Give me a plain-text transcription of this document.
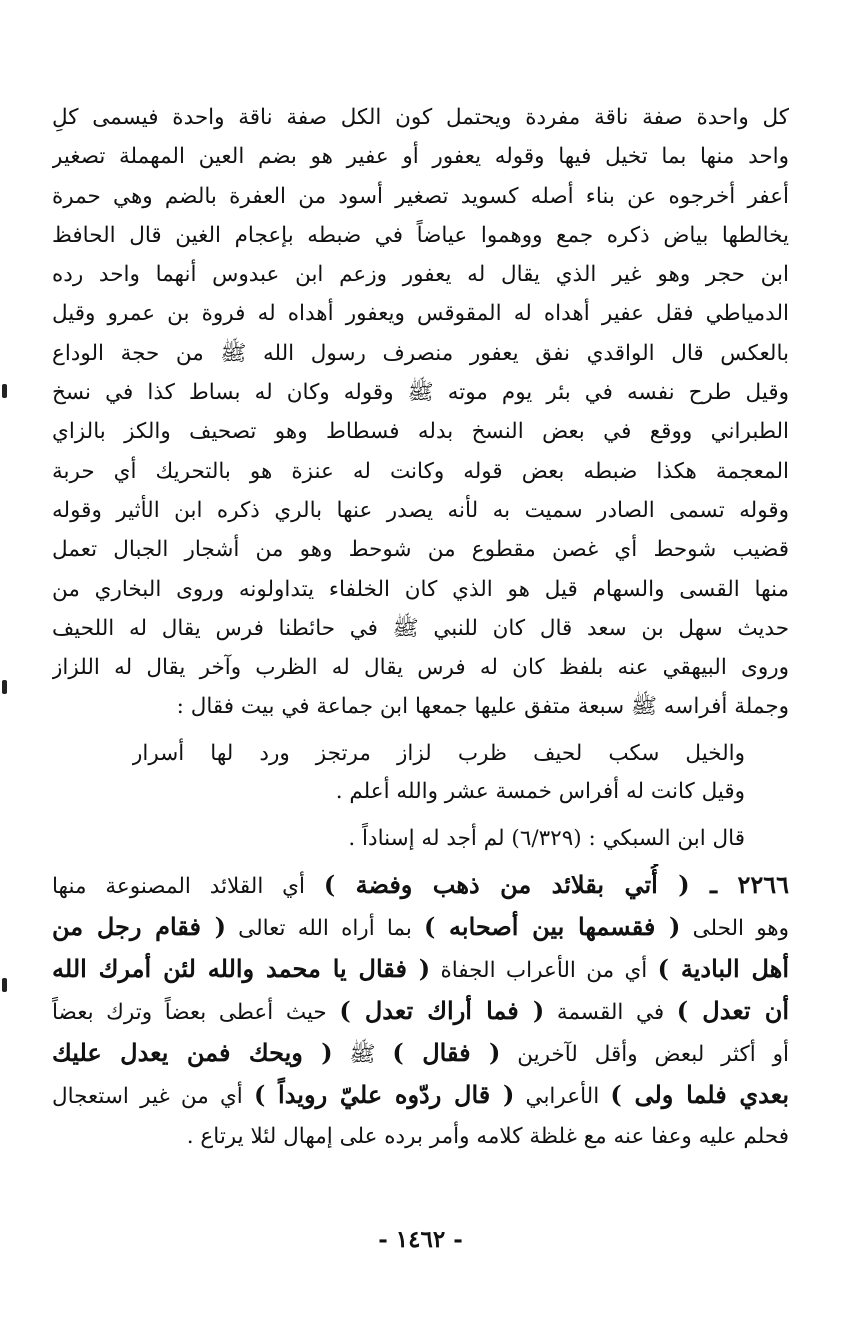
كل واحدة صفة ناقة مفردة ويحتمل كون الكل صفة ناقة واحدة فيسمى كلِ
واحد منها بما تخيل فيها وقوله يعفور أو عفير هو بضم العين المهملة تصغير
أعفر أخرجوه عن بناء أصله كسويد تصغير أسود من العفرة بالضم وهي حمرة
يخالطها بياض ذكره جمع ووهموا عياضاً في ضبطه بإعجام الغين قال الحافظ
ابن حجر وهو غير الذي يقال له يعفور وزعم ابن عبدوس أنهما واحد رده
الدمياطي فقل عفير أهداه له المقوقس ويعفور أهداه له فروة بن عمرو وقيل
بالعكس قال الواقدي نفق يعفور منصرف رسول الله ﷺ من حجة الوداع
وقيل طرح نفسه في بئر يوم موته ﷺ وقوله وكان له بساط كذا في نسخ
الطبراني ووقع في بعض النسخ بدله فسطاط وهو تصحيف والكز بالزاي
المعجمة هكذا ضبطه بعض قوله وكانت له عنزة هو بالتحريك أي حربة
وقوله تسمى الصادر سميت به لأنه يصدر عنها بالري ذكره ابن الأثير وقوله
قضيب شوحط أي غصن مقطوع من شوحط وهو من أشجار الجبال تعمل
منها القسى والسهام قيل هو الذي كان الخلفاء يتداولونه وروى البخاري من
حديث سهل بن سعد قال كان للنبي ﷺ في حائطنا فرس يقال له اللحيف
وروى البيهقي عنه بلفظ كان له فرس يقال له الظرب وآخر يقال له اللزاز
وجملة أفراسه ﷺ سبعة متفق عليها جمعها ابن جماعة في بيت فقال :
والخيل سكب لحيف ظرب لزاز مرتجز ورد لها أسرار
وقيل كانت له أفراس خمسة عشر والله أعلم .
قال ابن السبكي : (٦/٣٢٩) لم أجد له إسناداً .
٢٢٦٦ ـ ( أُتي بقلائد من ذهب وفضة ) أي القلائد المصنوعة منها
وهو الحلى ( فقسمها بين أصحابه ) بما أراه الله تعالى ( فقام رجل من
أهل البادية ) أي من الأعراب الجفاة ( فقال يا محمد والله لئن أمرك الله
أن تعدل ) في القسمة ( فما أراك تعدل ) حيث أعطى بعضاً وترك بعضاً
أو أكثر لبعض وأقل لآخرين ( فقال ) ﷺ ( ويحك فمن يعدل عليك
بعدي فلما ولى ) الأعرابي ( قال ردّوه عليّ رويداً ) أي من غير استعجال
فحلم عليه وعفا عنه مع غلظة كلامه وأمر برده على إمهال لئلا يرتاع .
- ١٤٦٢ -
